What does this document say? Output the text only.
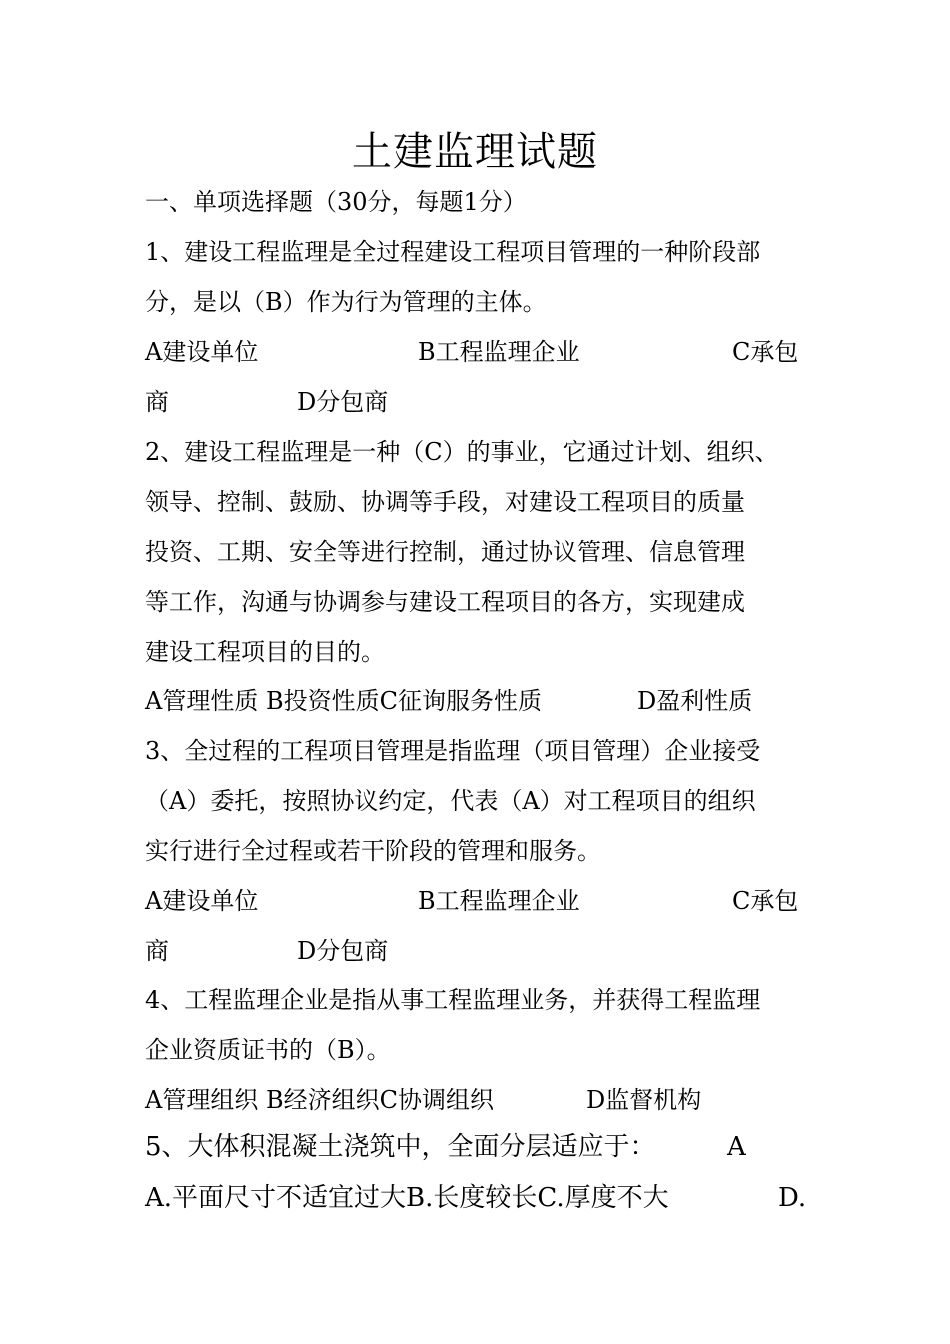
土建监理试题
一、单项选择题（30分，每题1分）
1、建设工程监理是全过程建设工程项目管理的一种阶段部
分，是以（B）作为行为管理的主体。
A建设单位	B工程监理企业	C承包
商	D分包商
2、建设工程监理是一种（C）的事业，它通过计划、组织、
领导、控制、鼓励、协调等手段，对建设工程项目的质量
投资、工期、安全等进行控制，通过协议管理、信息管理
等工作，沟通与协调参与建设工程项目的各方，实现建成
建设工程项目的目的。
A管理性质 B投资性质C征询服务性质	D盈利性质
3、全过程的工程项目管理是指监理（项目管理）企业接受
（A）委托，按照协议约定，代表（A）对工程项目的组织
实行进行全过程或若干阶段的管理和服务。
A建设单位	B工程监理企业	C承包
商	D分包商
4、工程监理企业是指从事工程监理业务，并获得工程监理
企业资质证书的（B）。
A管理组织 B经济组织C协调组织	D监督机构
5、大体积混凝土浇筑中，全面分层适应于：	A
A.平面尺寸不适宜过大B.长度较长C.厚度不大	D.
